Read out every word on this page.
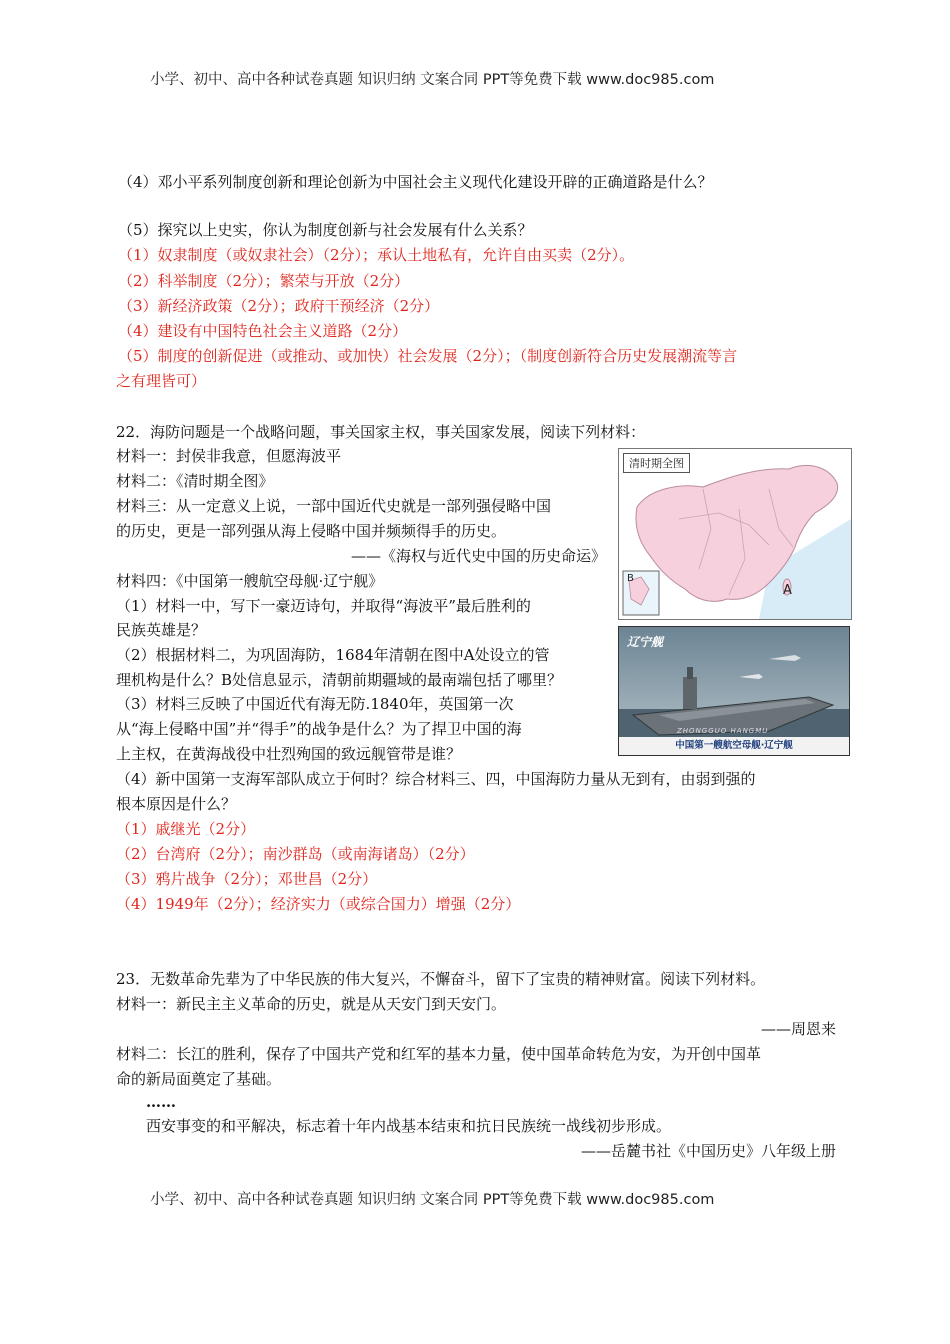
小学、初中、高中各种试卷真题 知识归纳 文案合同 PPT等免费下载 www.doc985.com
（4）邓小平系列制度创新和理论创新为中国社会主义现代化建设开辟的正确道路是什么？
（5）探究以上史实，你认为制度创新与社会发展有什么关系？
（1）奴隶制度（或奴隶社会）（2分）；承认土地私有，允许自由买卖（2分）。
（2）科举制度（2分）；繁荣与开放（2分）
（3）新经济政策（2分）；政府干预经济（2分）
（4）建设有中国特色社会主义道路（2分）
（5）制度的创新促进（或推动、或加快）社会发展（2分）；（制度创新符合历史发展潮流等言
之有理皆可）
22．海防问题是一个战略问题，事关国家主权，事关国家发展，阅读下列材料：
材料一：封侯非我意，但愿海波平
材料二：《清时期全图》
材料三：从一定意义上说，一部中国近代史就是一部列强侵略中国
的历史，更是一部列强从海上侵略中国并频频得手的历史。
——《海权与近代史中国的历史命运》
材料四：《中国第一艘航空母舰·辽宁舰》
（1）材料一中，写下一豪迈诗句，并取得“海波平”最后胜利的
民族英雄是？
（2）根据材料二，为巩固海防，1684年清朝在图中A处设立的管
理机构是什么？B处信息显示，清朝前期疆域的最南端包括了哪里？
（3）材料三反映了中国近代有海无防.1840年，英国第一次
从“海上侵略中国”并“得手”的战争是什么？为了捍卫中国的海
上主权，在黄海战役中壮烈殉国的致远舰管带是谁？
（4）新中国第一支海军部队成立于何时？综合材料三、四，中国海防力量从无到有，由弱到强的
根本原因是什么？
（1）戚继光（2分）
（2）台湾府（2分）；南沙群岛（或南海诸岛）（2分）
（3）鸦片战争（2分）；邓世昌（2分）
（4）1949年（2分）；经济实力（或综合国力）增强（2分）
清时期全图
A
B
辽宁舰
ZHONGGUO HANGMU
中国第一艘航空母舰·辽宁舰
23．无数革命先辈为了中华民族的伟大复兴，不懈奋斗，留下了宝贵的精神财富。阅读下列材料。
材料一：新民主主义革命的历史，就是从天安门到天安门。
——周恩来
材料二：长江的胜利，保存了中国共产党和红军的基本力量，使中国革命转危为安，为开创中国革
命的新局面奠定了基础。
……
西安事变的和平解决，标志着十年内战基本结束和抗日民族统一战线初步形成。
——岳麓书社《中国历史》八年级上册
小学、初中、高中各种试卷真题 知识归纳 文案合同 PPT等免费下载 www.doc985.com
